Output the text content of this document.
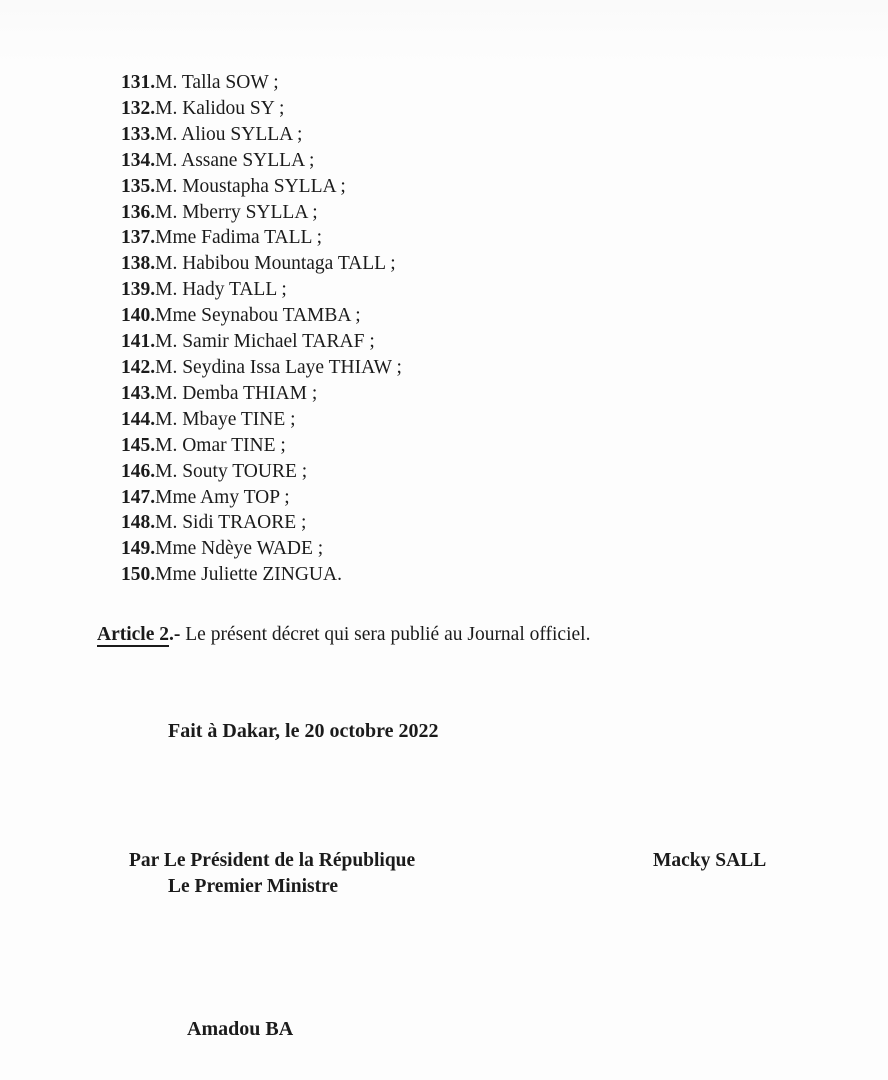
131.M. Talla SOW ;
132.M. Kalidou SY ;
133.M. Aliou SYLLA ;
134.M. Assane SYLLA ;
135.M. Moustapha SYLLA ;
136.M. Mberry SYLLA ;
137.Mme Fadima TALL ;
138.M. Habibou Mountaga TALL ;
139.M. Hady TALL ;
140.Mme Seynabou TAMBA ;
141.M. Samir Michael TARAF ;
142.M. Seydina Issa Laye THIAW ;
143.M. Demba THIAM ;
144.M. Mbaye TINE ;
145.M. Omar TINE ;
146.M. Souty TOURE ;
147.Mme Amy TOP ;
148.M. Sidi TRAORE ;
149.Mme Ndèye WADE ;
150.Mme Juliette ZINGUA.

Article 2.- Le présent décret qui sera publié au Journal officiel.

Fait à Dakar, le 20 octobre 2022

Par Le Président de la République
Le Premier Ministre
Macky SALL
Amadou BA
